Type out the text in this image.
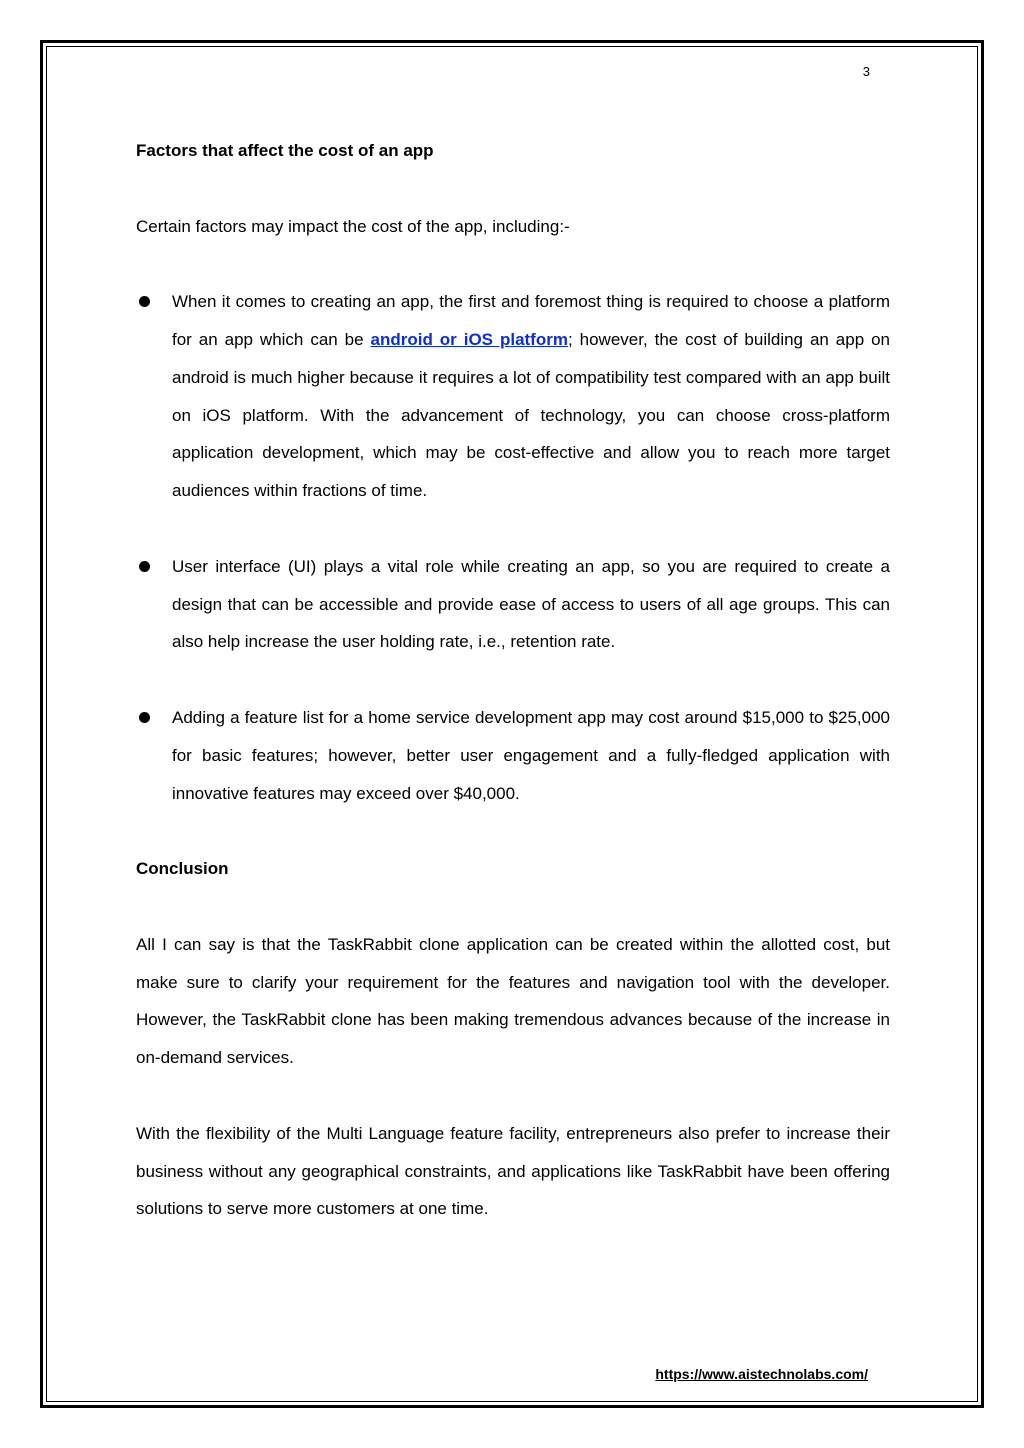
3

Factors that affect the cost of an app

Certain factors may impact the cost of the app, including:-

When it comes to creating an app, the first and foremost thing is required to choose a platform for an app which can be android or iOS platform; however, the cost of building an app on android is much higher because it requires a lot of compatibility test compared with an app built on iOS platform. With the advancement of technology, you can choose cross-platform application development, which may be cost-effective and allow you to reach more target audiences within fractions of time.
User interface (UI) plays a vital role while creating an app, so you are required to create a design that can be accessible and provide ease of access to users of all age groups. This can also help increase the user holding rate, i.e., retention rate.
Adding a feature list for a home service development app may cost around $15,000 to $25,000 for basic features; however, better user engagement and a fully-fledged application with innovative features may exceed over $40,000.

Conclusion

All I can say is that the TaskRabbit clone application can be created within the allotted cost, but make sure to clarify your requirement for the features and navigation tool with the developer. However, the TaskRabbit clone has been making tremendous advances because of the increase in on-demand services.

With the flexibility of the Multi Language feature facility, entrepreneurs also prefer to increase their business without any geographical constraints, and applications like TaskRabbit have been offering solutions to serve more customers at one time.

https://www.aistechnolabs.com/
